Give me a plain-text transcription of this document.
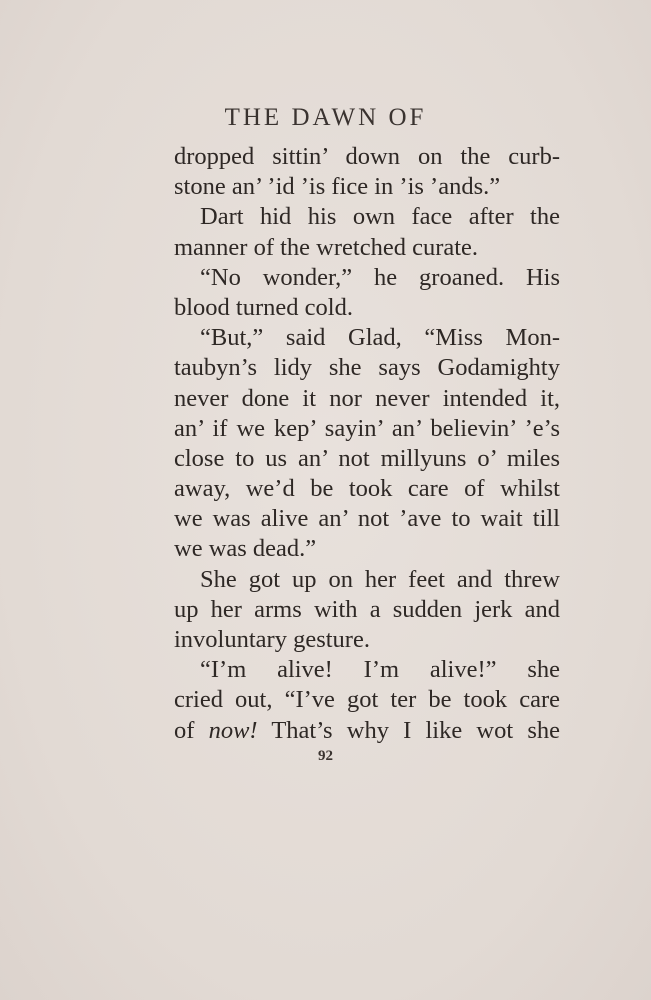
THE DAWN OF
dropped sittin’ down on the curb-
stone an’ ’id ’is fice in ’is ’ands.”
Dart hid his own face after the
manner of the wretched curate.
“No wonder,” he groaned. His
blood turned cold.
“But,” said Glad, “Miss Mon-
taubyn’s lidy she says Godamighty
never done it nor never intended it,
an’ if we kep’ sayin’ an’ believin’ ’e’s
close to us an’ not millyuns o’ miles
away, we’d be took care of whilst
we was alive an’ not ’ave to wait till
we was dead.”
She got up on her feet and threw
up her arms with a sudden jerk and
involuntary gesture.
“I’m alive! I’m alive!” she
cried out, “I’ve got ter be took care
of now! That’s why I like wot she
92
